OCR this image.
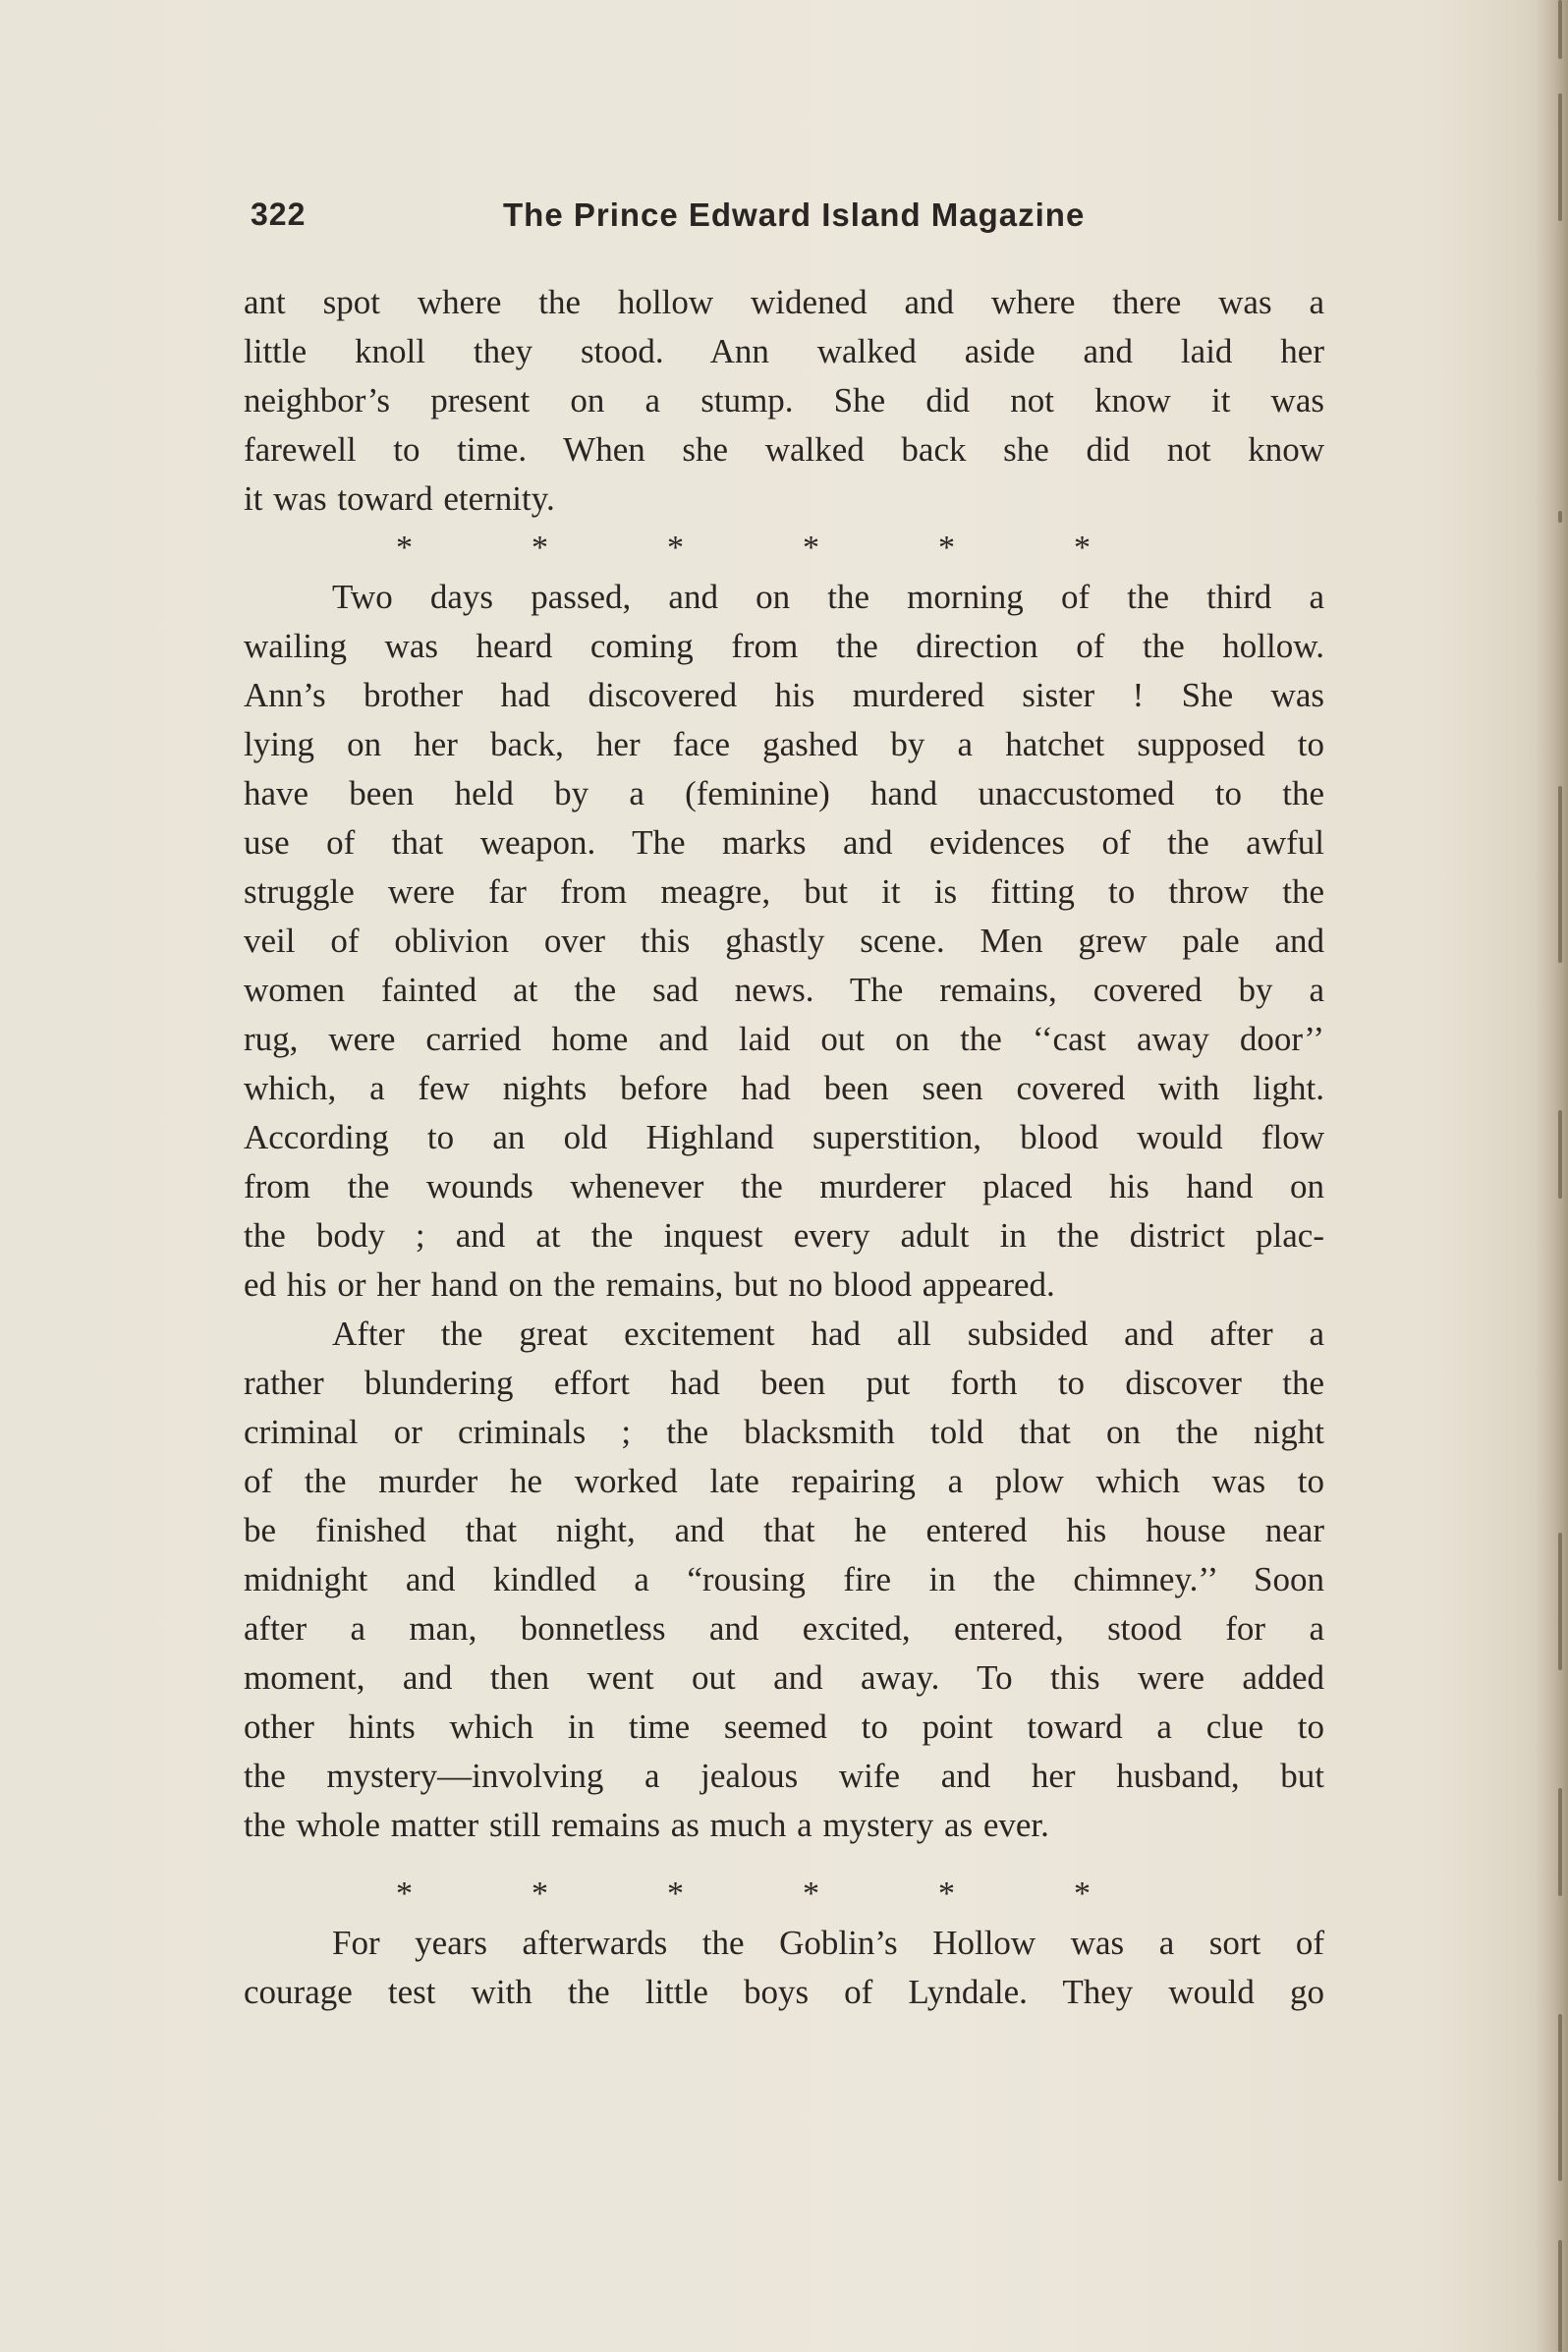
322	The Prince Edward Island Magazine
ant spot where the hollow widened and where there was a
little knoll they stood. Ann walked aside and laid her
neighbor’s present on a stump. She did not know it was
farewell to time. When she walked back she did not know
it was toward eternity.
*	*	*	*	*	*
Two days passed, and on the morning of the third a
wailing was heard coming from the direction of the hollow.
Ann’s brother had discovered his murdered sister ! She was
lying on her back, her face gashed by a hatchet supposed to
have been held by a (feminine) hand unaccustomed to the
use of that weapon. The marks and evidences of the awful
struggle were far from meagre, but it is fitting to throw the
veil of oblivion over this ghastly scene. Men grew pale and
women fainted at the sad news. The remains, covered by a
rug, were carried home and laid out on the ‘‘cast away door’’
which, a few nights before had been seen covered with light.
According to an old Highland superstition, blood would flow
from the wounds whenever the murderer placed his hand on
the body ; and at the inquest every adult in the district plac-
ed his or her hand on the remains, but no blood appeared.
After the great excitement had all subsided and after a
rather blundering effort had been put forth to discover the
criminal or criminals ; the blacksmith told that on the night
of the murder he worked late repairing a plow which was to
be finished that night, and that he entered his house near
midnight and kindled a “rousing fire in the chimney.’’ Soon
after a man, bonnetless and excited, entered, stood for a
moment, and then went out and away. To this were added
other hints which in time seemed to point toward a clue to
the mystery—involving a jealous wife and her husband, but
the whole matter still remains as much a mystery as ever.
*	*	*	*	*	*
For years afterwards the Goblin’s Hollow was a sort of
courage test with the little boys of Lyndale. They would go
